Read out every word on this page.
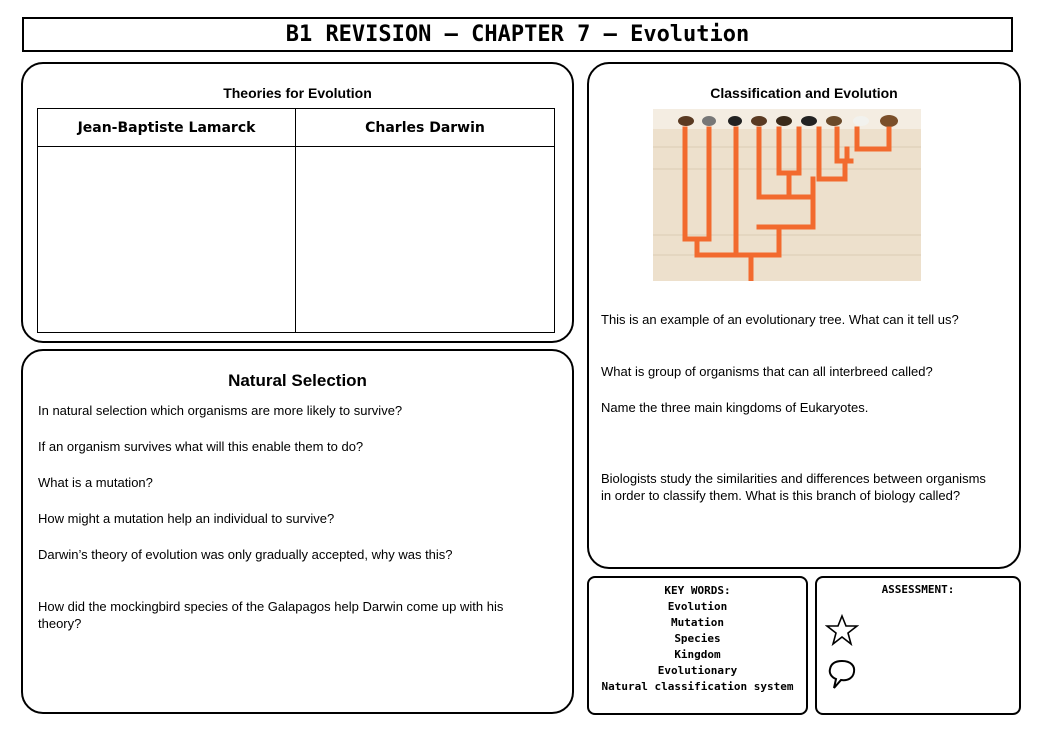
B1 REVISION – CHAPTER 7 – Evolution
Theories for Evolution
Jean-Baptiste Lamarck	Charles Darwin
Natural Selection
In natural selection which organisms are more likely to survive?
If an organism survives what will this enable them to do?
What is a mutation?
How might a mutation help an individual to survive?
Darwin’s theory of evolution was only gradually accepted, why was this?
How did the mockingbird species of the Galapagos help Darwin come up with his theory?
Classification and Evolution
This is an example of an evolutionary tree. What can it tell us?
What is group of organisms that can all interbreed called?
Name the three main kingdoms of Eukaryotes.
Biologists study the similarities and differences between organisms in order to classify them. What is this branch of biology called?
KEY WORDS:
Evolution
Mutation
Species
Kingdom
Evolutionary
Natural classification system
ASSESSMENT:
